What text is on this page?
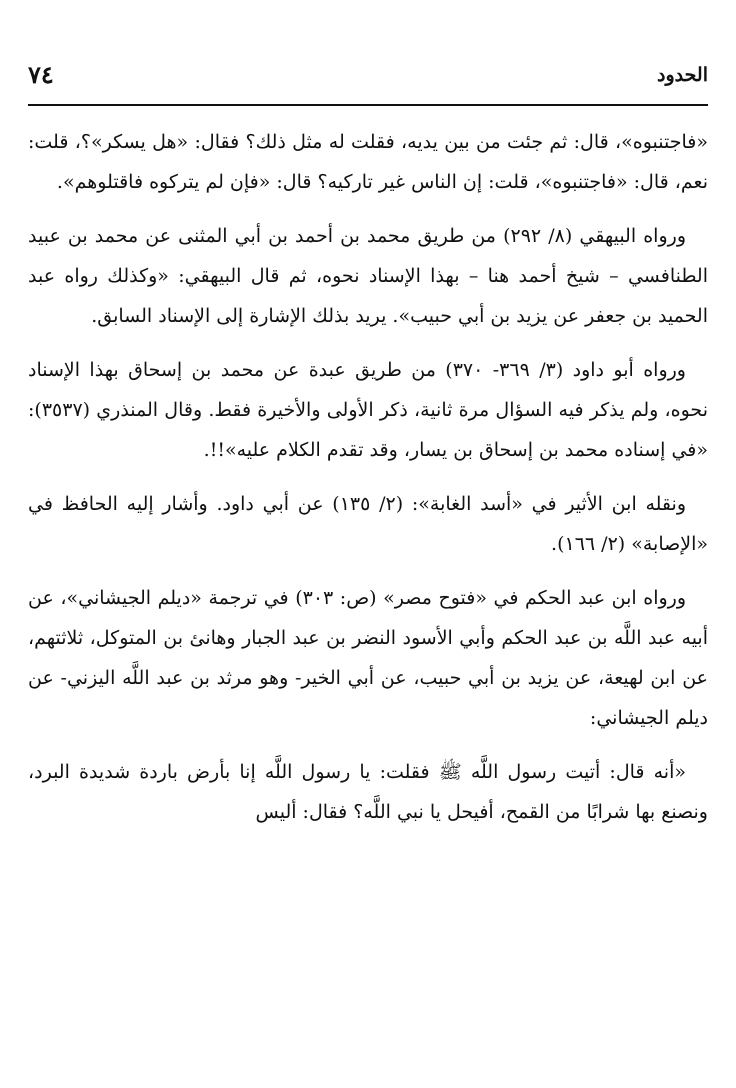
الحدود
٧٤
«فاجتنبوه»، قال: ثم جئت من بين يديه، فقلت له مثل ذلك؟ فقال: «هل يسكر»؟، قلت: نعم، قال: «فاجتنبوه»، قلت: إن الناس غير تاركيه؟ قال: «فإن لم يتركوه فاقتلوهم».
ورواه البيهقي (٨/ ٢٩٢) من طريق محمد بن أحمد بن أبي المثنى عن محمد بن عبيد الطنافسي – شيخ أحمد هنا – بهذا الإسناد نحوه، ثم قال البيهقي: «وكذلك رواه عبد الحميد بن جعفر عن يزيد بن أبي حبيب». يريد بذلك الإشارة إلى الإسناد السابق.
ورواه أبو داود (٣/ ٣٦٩- ٣٧٠) من طريق عبدة عن محمد بن إسحاق بهذا الإسناد نحوه، ولم يذكر فيه السؤال مرة ثانية، ذكر الأولى والأخيرة فقط. وقال المنذري (٣٥٣٧): «في إسناده محمد بن إسحاق بن يسار، وقد تقدم الكلام عليه»!!.
ونقله ابن الأثير في «أسد الغابة»: (٢/ ١٣٥) عن أبي داود. وأشار إليه الحافظ في «الإصابة» (٢/ ١٦٦).
ورواه ابن عبد الحكم في «فتوح مصر» (ص: ٣٠٣) في ترجمة «ديلم الجيشاني»، عن أبيه عبد اللَّه بن عبد الحكم وأبي الأسود النضر بن عبد الجبار وهانئ بن المتوكل، ثلاثتهم، عن ابن لهيعة، عن يزيد بن أبي حبيب، عن أبي الخير- وهو مرثد بن عبد اللَّه اليزني- عن ديلم الجيشاني:
«أنه قال: أتيت رسول اللَّه ﷺ فقلت: يا رسول اللَّه إنا بأرض باردة شديدة البرد، ونصنع بها شرابًا من القمح، أفيحل يا نبي اللَّه؟ فقال: أليس
